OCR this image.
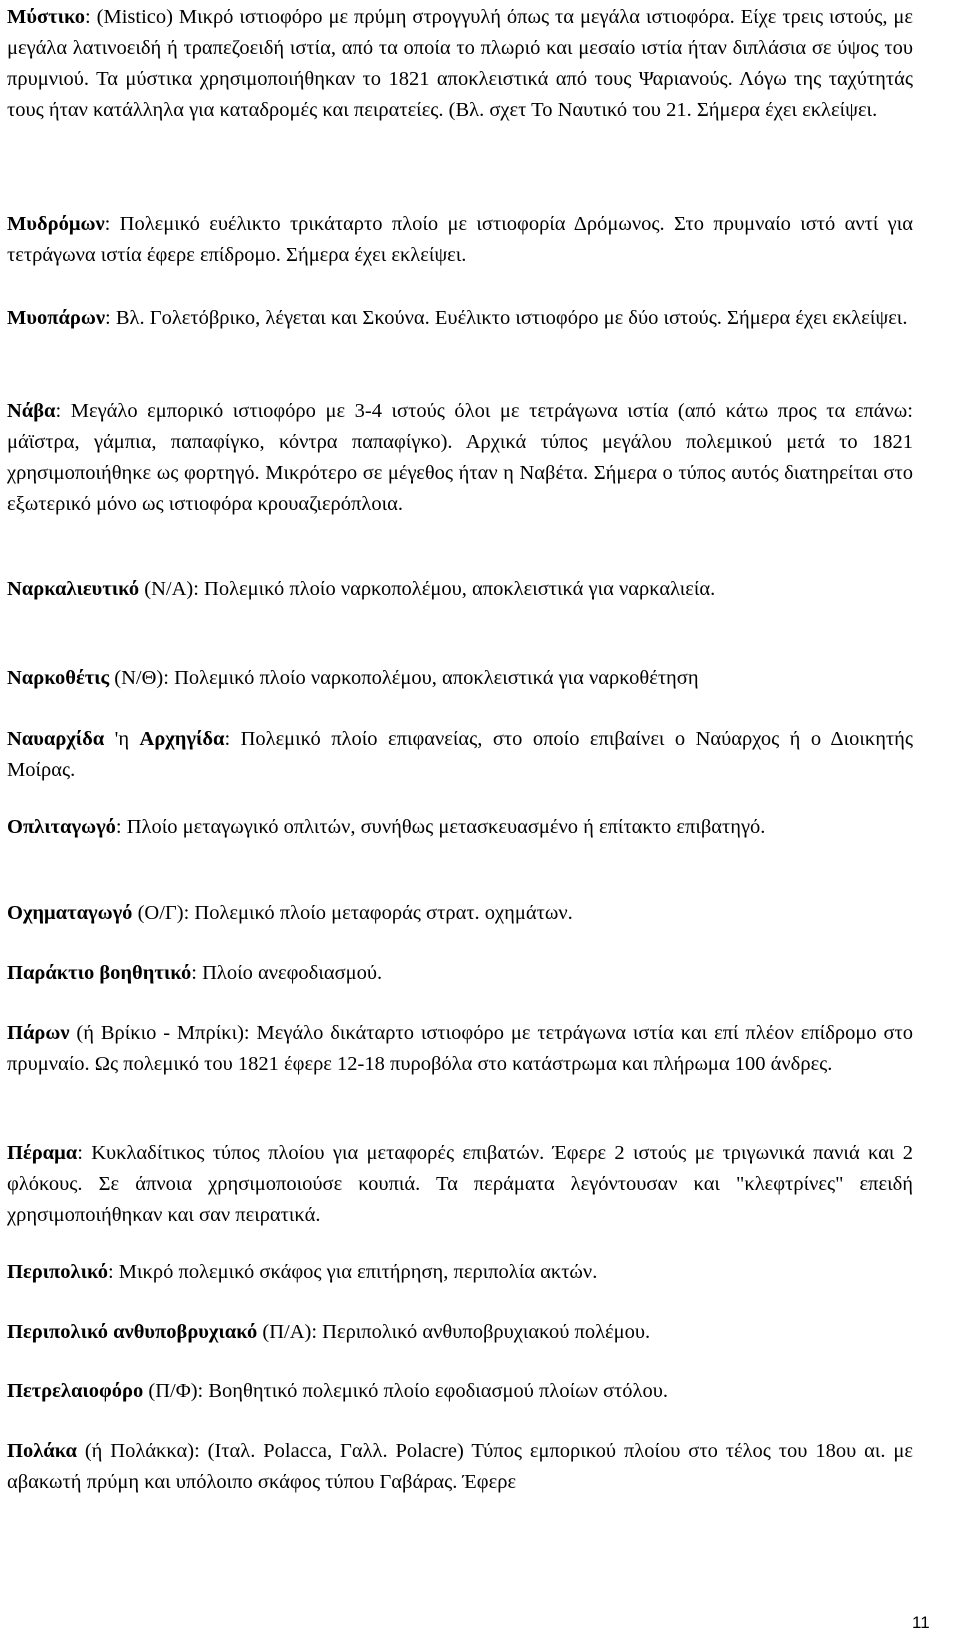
Μύστικο: (Mistico) Μικρό ιστιοφόρο με πρύμη στρογγυλή όπως τα μεγάλα ιστιοφόρα. Είχε τρεις ιστούς, με μεγάλα λατινοειδή ή τραπεζοειδή ιστία, από τα οποία το πλωριό και μεσαίο ιστία ήταν διπλάσια σε ύψος του πρυμνιού. Τα μύστικα χρησιμοποιήθηκαν το 1821 αποκλειστικά από τους Ψαριανούς. Λόγω της ταχύτητάς τους ήταν κατάλληλα για καταδρομές και πειρατείες. (Βλ. σχετ Το Ναυτικό του 21. Σήμερα έχει εκλείψει.

Μυδρόμων: Πολεμικό ευέλικτο τρικάταρτο πλοίο με ιστιοφορία Δρόμωνος. Στο πρυμναίο ιστό αντί για τετράγωνα ιστία έφερε επίδρομο. Σήμερα έχει εκλείψει.

Μυοπάρων: Βλ. Γολετόβρικο, λέγεται και Σκούνα. Ευέλικτο ιστιοφόρο με δύο ιστούς. Σήμερα έχει εκλείψει.

Νάβα: Μεγάλο εμπορικό ιστιοφόρο με 3-4 ιστούς όλοι με τετράγωνα ιστία (από κάτω προς τα επάνω: μάϊστρα, γάμπια, παπαφίγκο, κόντρα παπαφίγκο). Αρχικά τύπος μεγάλου πολεμικού μετά το 1821 χρησιμοποιήθηκε ως φορτηγό. Μικρότερο σε μέγεθος ήταν η Ναβέτα. Σήμερα ο τύπος αυτός διατηρείται στο εξωτερικό μόνο ως ιστιοφόρα κρουαζιερόπλοια.

Ναρκαλιευτικό (Ν/Α): Πολεμικό πλοίο ναρκοπολέμου, αποκλειστικά για ναρκαλιεία.

Ναρκοθέτις (Ν/Θ): Πολεμικό πλοίο ναρκοπολέμου, αποκλειστικά για ναρκοθέτηση

Ναυαρχίδα 'η Αρχηγίδα: Πολεμικό πλοίο επιφανείας, στο οποίο επιβαίνει ο Ναύαρχος ή ο Διοικητής Μοίρας.

Οπλιταγωγό: Πλοίο μεταγωγικό οπλιτών, συνήθως μετασκευασμένο ή επίτακτο επιβατηγό.

Οχηματαγωγό (Ο/Γ): Πολεμικό πλοίο μεταφοράς στρατ. οχημάτων.

Παράκτιο βοηθητικό: Πλοίο ανεφοδιασμού.

Πάρων (ή Βρίκιο - Μπρίκι): Μεγάλο δικάταρτο ιστιοφόρο με τετράγωνα ιστία και επί πλέον επίδρομο στο πρυμναίο. Ως πολεμικό του 1821 έφερε 12-18 πυροβόλα στο κατάστρωμα και πλήρωμα 100 άνδρες.

Πέραμα: Κυκλαδίτικος τύπος πλοίου για μεταφορές επιβατών. Έφερε 2 ιστούς με τριγωνικά πανιά και 2 φλόκους. Σε άπνοια χρησιμοποιούσε κουπιά. Τα περάματα λεγόντουσαν και "κλεφτρίνες" επειδή χρησιμοποιήθηκαν και σαν πειρατικά.

Περιπολικό: Μικρό πολεμικό σκάφος για επιτήρηση, περιπολία ακτών.

Περιπολικό ανθυποβρυχιακό (Π/Α): Περιπολικό ανθυποβρυχιακού πολέμου.

Πετρελαιοφόρο (Π/Φ): Βοηθητικό πολεμικό πλοίο εφοδιασμού πλοίων στόλου.

Πολάκα (ή Πολάκκα): (Ιταλ. Polacca, Γαλλ. Polacre) Τύπος εμπορικού πλοίου στο τέλος του 18ου αι. με αβακωτή πρύμη και υπόλοιπο σκάφος τύπου Γαβάρας. Έφερε

11
